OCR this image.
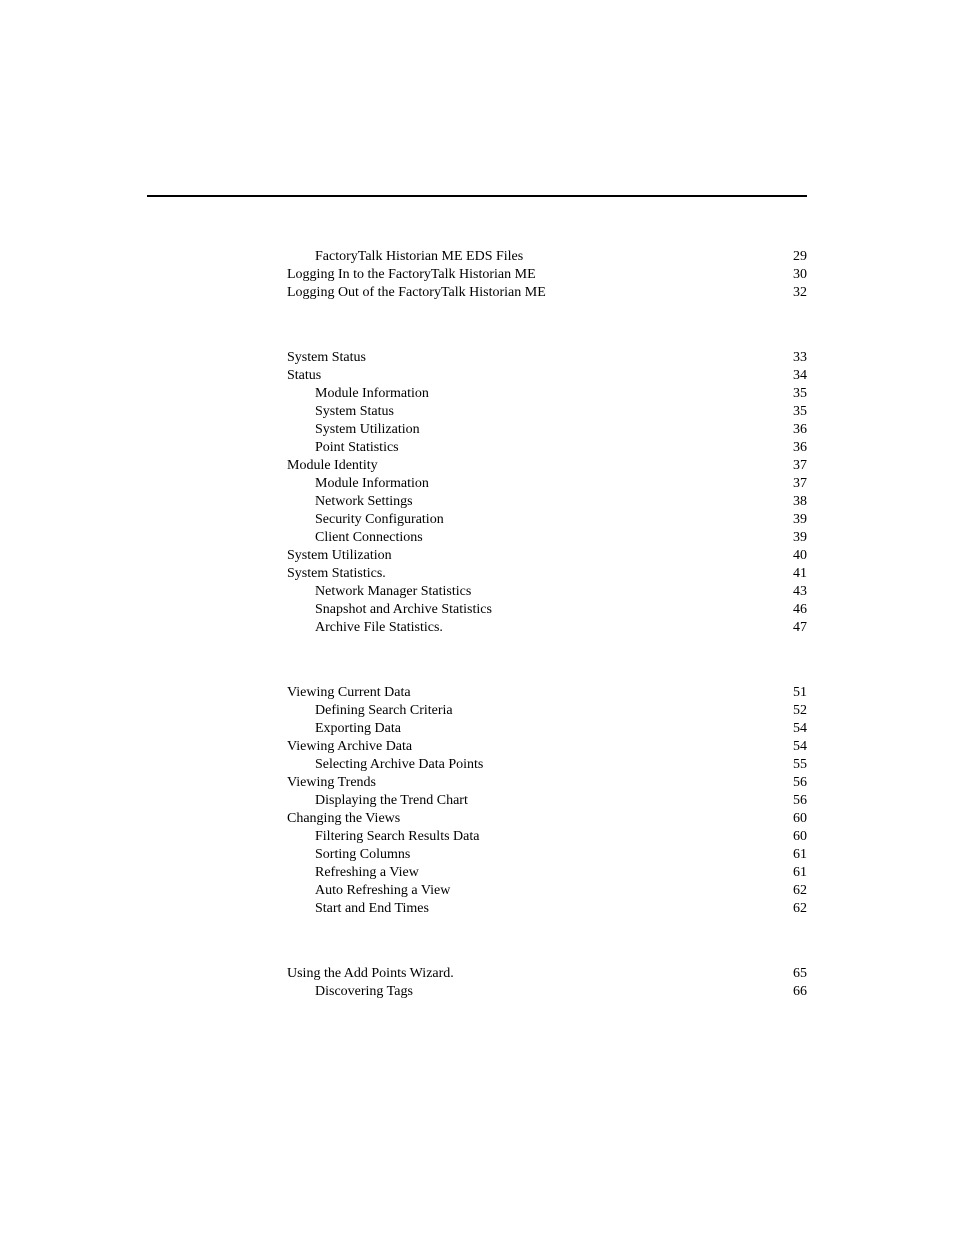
FactoryTalk Historian ME EDS Files	29
Logging In to the FactoryTalk Historian ME	30
Logging Out of the FactoryTalk Historian ME	32
System Status	33
Status	34
Module Information	35
System Status	35
System Utilization	36
Point Statistics	36
Module Identity	37
Module Information	37
Network Settings	38
Security Configuration	39
Client Connections	39
System Utilization	40
System Statistics.	41
Network Manager Statistics	43
Snapshot and Archive Statistics	46
Archive File Statistics.	47
Viewing Current Data	51
Defining Search Criteria	52
Exporting Data	54
Viewing Archive Data	54
Selecting Archive Data Points	55
Viewing Trends	56
Displaying the Trend Chart	56
Changing the Views	60
Filtering Search Results Data	60
Sorting Columns	61
Refreshing a View	61
Auto Refreshing a View	62
Start and End Times	62
Using the Add Points Wizard.	65
Discovering Tags	66
